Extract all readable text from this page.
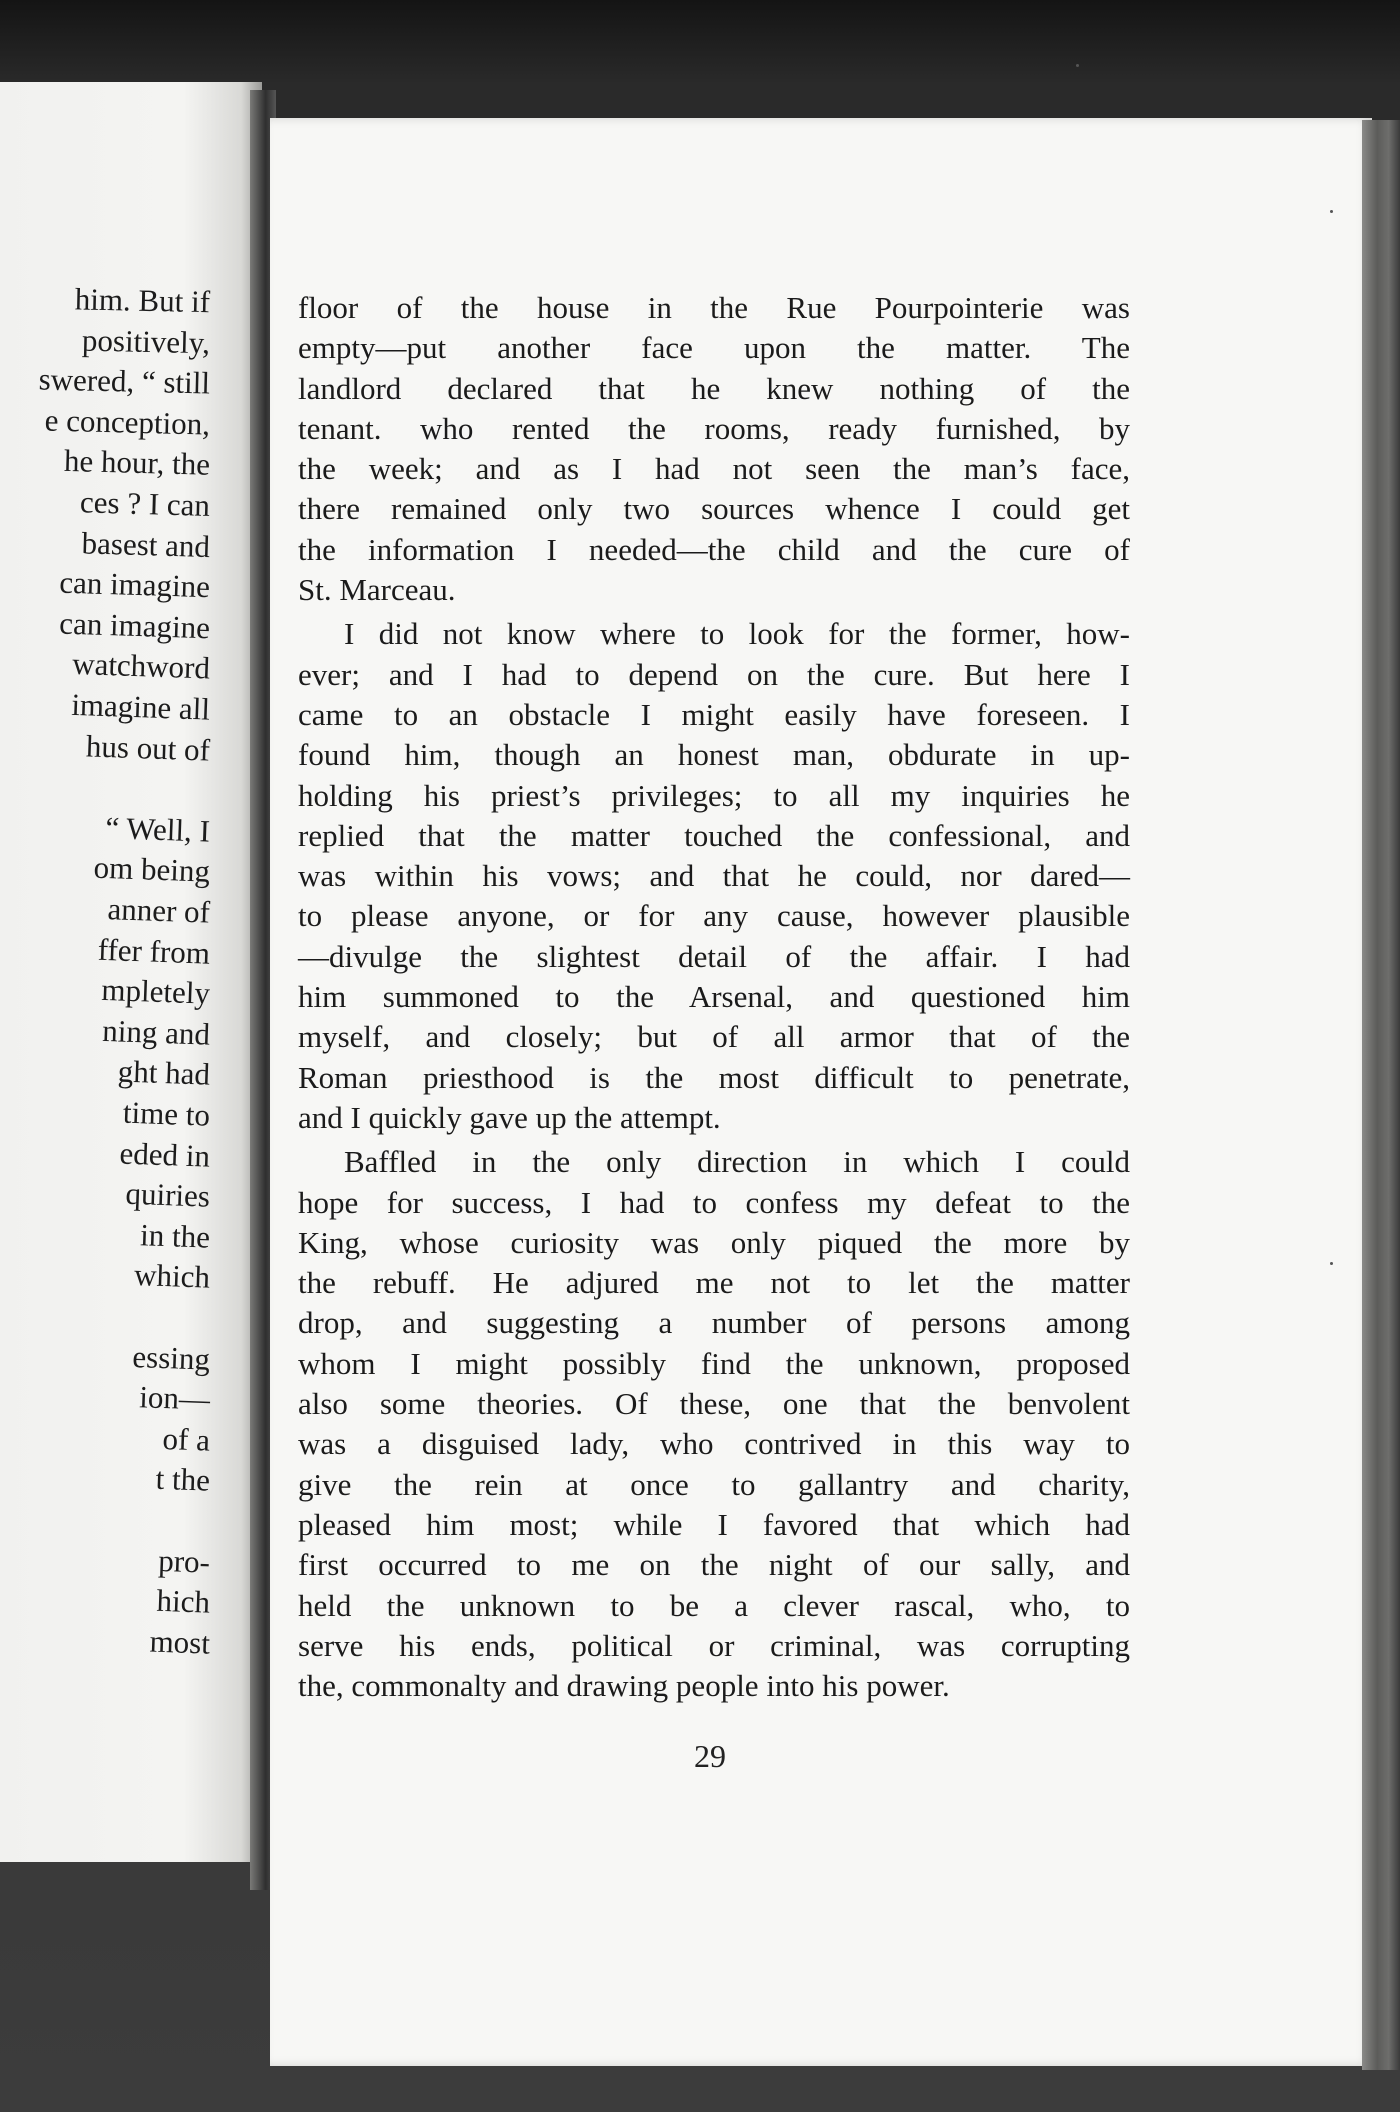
him. But if
positively,
swered, “ still
e conception,
he hour, the
ces ? I can
basest and
can imagine
can imagine
watchword
imagine all
hus out of
“ Well, I
om being
anner of
ffer from
mpletely
ning and
ght had
time to
eded in
quiries
in the
which
essing
ion—
of a
t the
pro-
hich
most
floor of the house in the Rue Pourpointerie was
empty—put another face upon the matter. The
landlord declared that he knew nothing of the
tenant. who rented the rooms, ready furnished, by
the week; and as I had not seen the man’s face,
there remained only two sources whence I could get
the information I needed—the child and the cure of
St. Marceau.
I did not know where to look for the former, how-
ever; and I had to depend on the cure. But here I
came to an obstacle I might easily have foreseen. I
found him, though an honest man, obdurate in up-
holding his priest’s privileges; to all my inquiries he
replied that the matter touched the confessional, and
was within his vows; and that he could, nor dared—
to please anyone, or for any cause, however plausible
—divulge the slightest detail of the affair. I had
him summoned to the Arsenal, and questioned him
myself, and closely; but of all armor that of the
Roman priesthood is the most difficult to penetrate,
and I quickly gave up the attempt.
Baffled in the only direction in which I could
hope for success, I had to confess my defeat to the
King, whose curiosity was only piqued the more by
the rebuff. He adjured me not to let the matter
drop, and suggesting a number of persons among
whom I might possibly find the unknown, proposed
also some theories. Of these, one that the benvolent
was a disguised lady, who contrived in this way to
give the rein at once to gallantry and charity,
pleased him most; while I favored that which had
first occurred to me on the night of our sally, and
held the unknown to be a clever rascal, who, to
serve his ends, political or criminal, was corrupting
the, commonalty and drawing people into his power.
29
